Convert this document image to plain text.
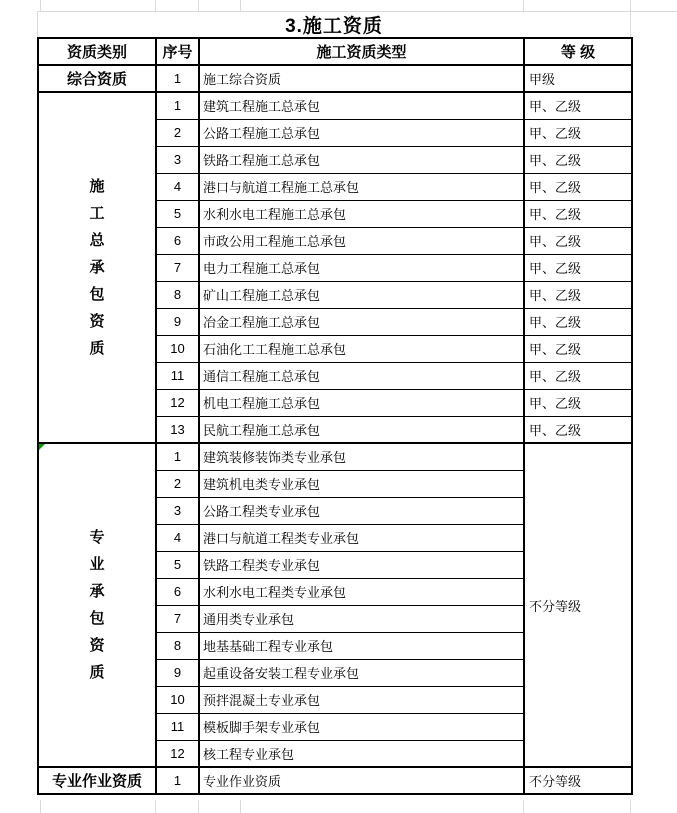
3.施工资质
资质类别	序号	施工资质类型	等 级
综合资质	1	施工综合资质	甲级

施工总承包资质	1	建筑工程施工总承包	甲、乙级
	2	公路工程施工总承包	甲、乙级
	3	铁路工程施工总承包	甲、乙级
	4	港口与航道工程施工总承包	甲、乙级
	5	水利水电工程施工总承包	甲、乙级
	6	市政公用工程施工总承包	甲、乙级
	7	电力工程施工总承包	甲、乙级
	8	矿山工程施工总承包	甲、乙级
	9	冶金工程施工总承包	甲、乙级
	10	石油化工工程施工总承包	甲、乙级
	11	通信工程施工总承包	甲、乙级
	12	机电工程施工总承包	甲、乙级
	13	民航工程施工总承包	甲、乙级

专业承包资质	1	建筑装修装饰类专业承包	不分等级
	2	建筑机电类专业承包	
	3	公路工程类专业承包	
	4	港口与航道工程类专业承包	
	5	铁路工程类专业承包	
	6	水利水电工程类专业承包	
	7	通用类专业承包	
	8	地基基础工程专业承包	
	9	起重设备安装工程专业承包	
	10	预拌混凝土专业承包	
	11	模板脚手架专业承包	
	12	核工程专业承包	
专业作业资质	1	专业作业资质	不分等级
